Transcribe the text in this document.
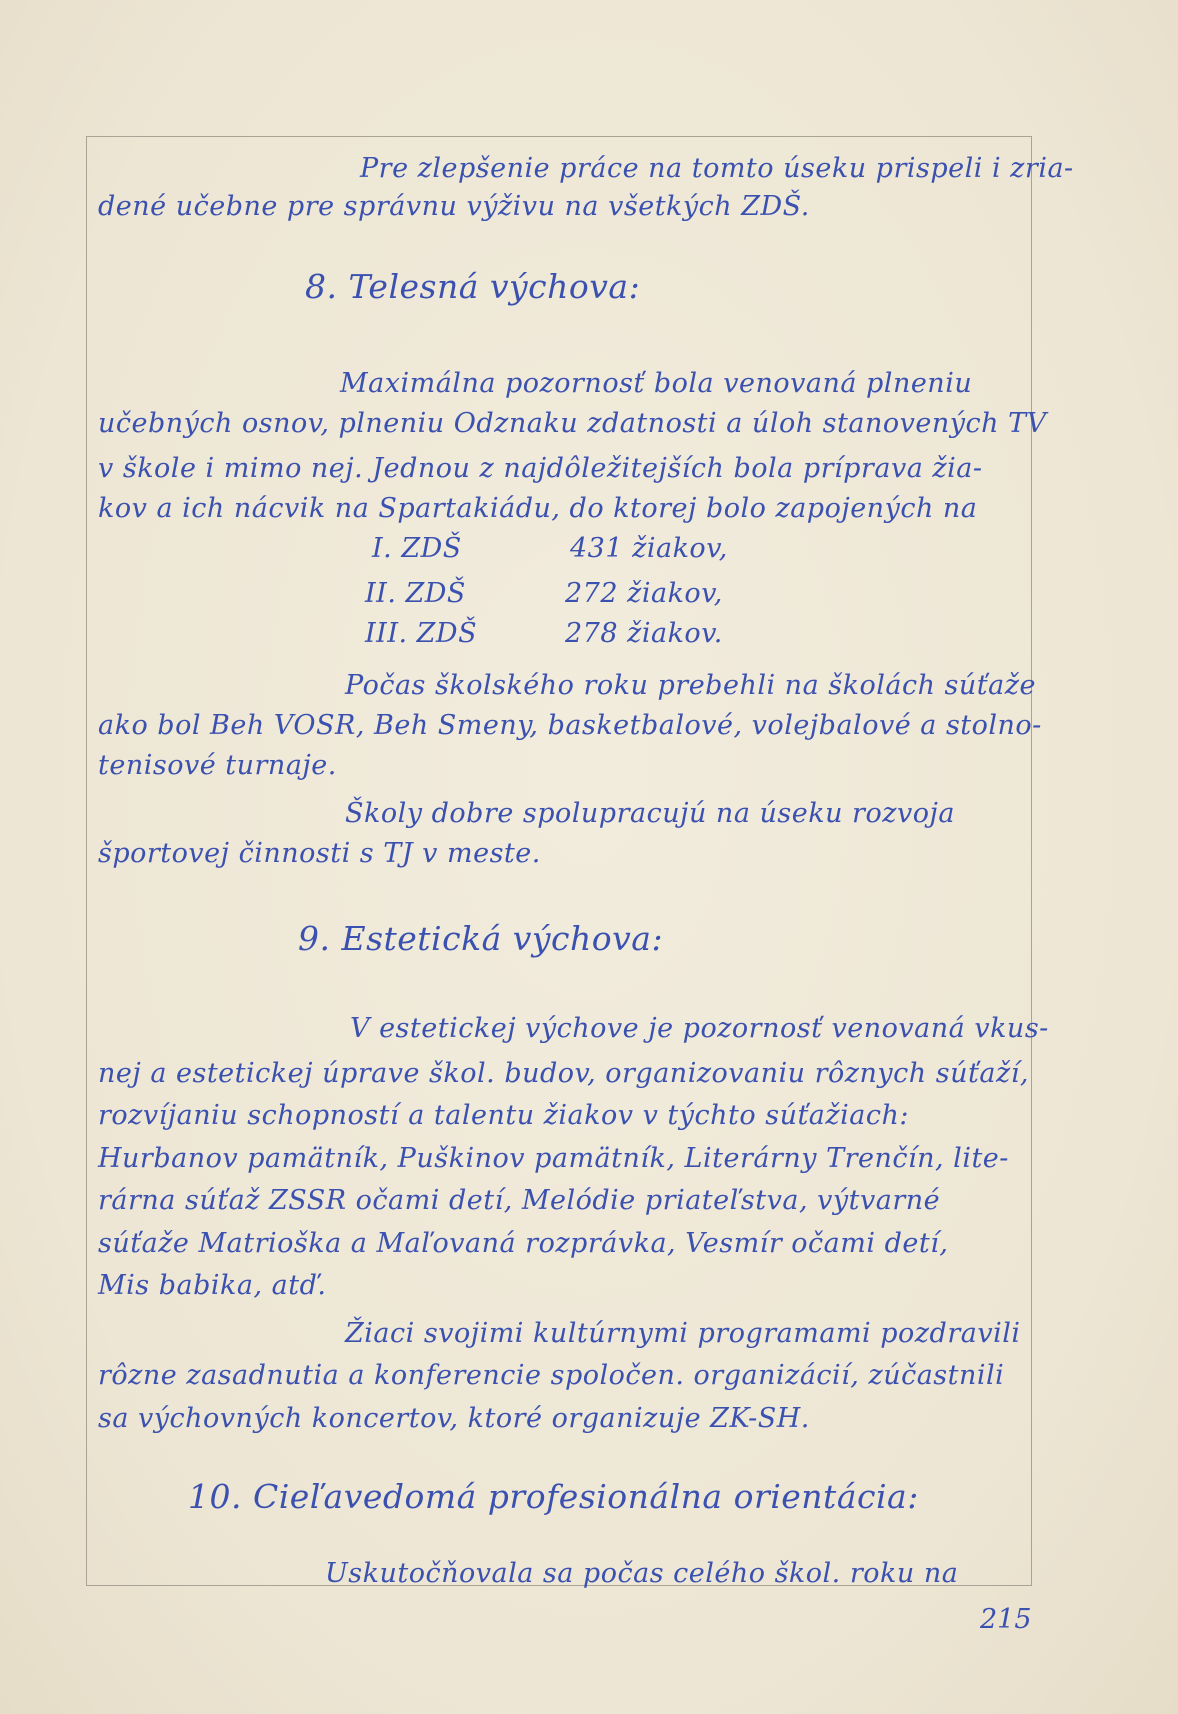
Pre zlepšenie práce na tomto úseku prispeli i zria-
dené učebne pre správnu výživu na všetkých ZDŠ.
8. Telesná výchova:
Maximálna pozornosť bola venovaná plneniu
učebných osnov, plneniu Odznaku zdatnosti a úloh stanovených TV
v škole i mimo nej. Jednou z najdôležitejších bola príprava žia-
kov a ich nácvik na Spartakiádu, do ktorej bolo zapojených na
I. ZDŠ	431 žiakov,
II. ZDŠ	272 žiakov,
III. ZDŠ	278 žiakov.
Počas školského roku prebehli na školách súťaže
ako bol Beh VOSR, Beh Smeny, basketbalové, volejbalové a stolno-
tenisové turnaje.
Školy dobre spolupracujú na úseku rozvoja
športovej činnosti s TJ v meste.
9. Estetická výchova:
V estetickej výchove je pozornosť venovaná vkus-
nej a estetickej úprave škol. budov, organizovaniu rôznych súťaží,
rozvíjaniu schopností a talentu žiakov v týchto súťažiach:
Hurbanov pamätník, Puškinov pamätník, Literárny Trenčín, lite-
rárna súťaž ZSSR očami detí, Melódie priateľstva, výtvarné
súťaže Matrioška a Maľovaná rozprávka, Vesmír očami detí,
Mis babika, atď.
Žiaci svojimi kultúrnymi programami pozdravili
rôzne zasadnutia a konferencie spoločen. organizácií, zúčastnili
sa výchovných koncertov, ktoré organizuje ZK-SH.
10. Cieľavedomá profesionálna orientácia:
Uskutočňovala sa počas celého škol. roku na
215
